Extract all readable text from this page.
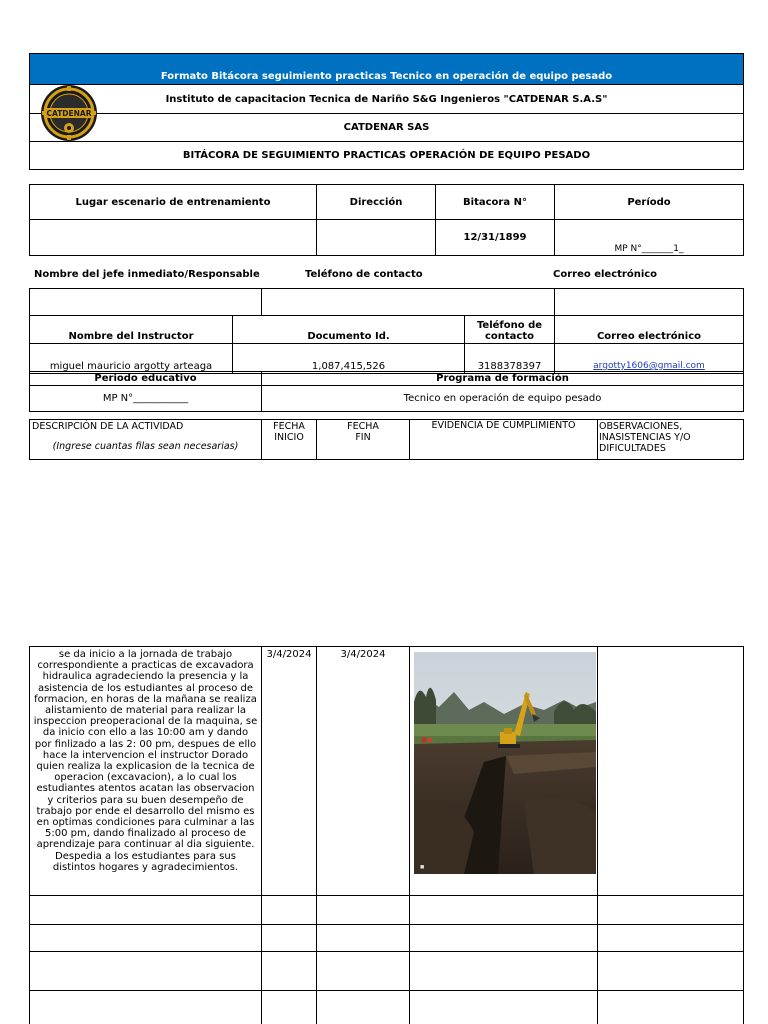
Formato Bitácora seguimiento practicas Tecnico en operación de equipo pesado
Instituto de capacitacion Tecnica de Nariño S&G Ingenieros "CATDENAR S.A.S"
CATDENAR SAS
BITÁCORA DE SEGUIMIENTO PRACTICAS OPERACIÓN DE EQUIPO PESADO
CATDENAR
Lugar escenario de entrenamiento	Dirección	Bitacora N°	Período
		12/31/1899	MP N°_______1_
Nombre del jefe inmediato/Responsable	Teléfono de contacto	Correo electrónico

Nombre del Instructor	Documento Id.		Teléfono de contacto	Correo electrónico
miguel mauricio argotty arteaga	1,087,415,526		3188378397	argotty1606@gmail.com
Periodo educativo	Programa de formación
MP N°___________	Tecnico en operación de equipo pesado
DESCRIPCIÓN DE LA ACTIVIDAD
(Ingrese cuantas filas sean necesarias)
	FECHA INICIO	FECHA FIN	EVIDENCIA DE CUMPLIMIENTO	OBSERVACIONES, INASISTENCIAS Y/O DIFICULTADES
se da inicio a la jornada de trabajo correspondiente a practicas de excavadora hidraulica agradeciendo la presencia y la asistencia de los estudiantes al proceso de formacion, en horas de la mañana se realiza alistamiento de material para realizar la inspeccion preoperacional de la maquina, se da inicio con ello a las 10:00 am y dando por finlizado a las 2: 00 pm, despues de ello hace la intervencion el instructor Dorado quien realiza la explicasion de la tecnica de operacion (excavacion), a lo cual los estudiantes atentos acatan las observacion y criterios para su buen desempeño de trabajo por ende el desarrollo del mismo es en optimas condiciones para culminar a las 5:00 pm, dando finalizado al proceso de aprendizaje para continuar al dia siguiente. Despedia a los estudiantes para sus distintos hogares y agradecimientos.	3/4/2024	3/4/2024	■	
